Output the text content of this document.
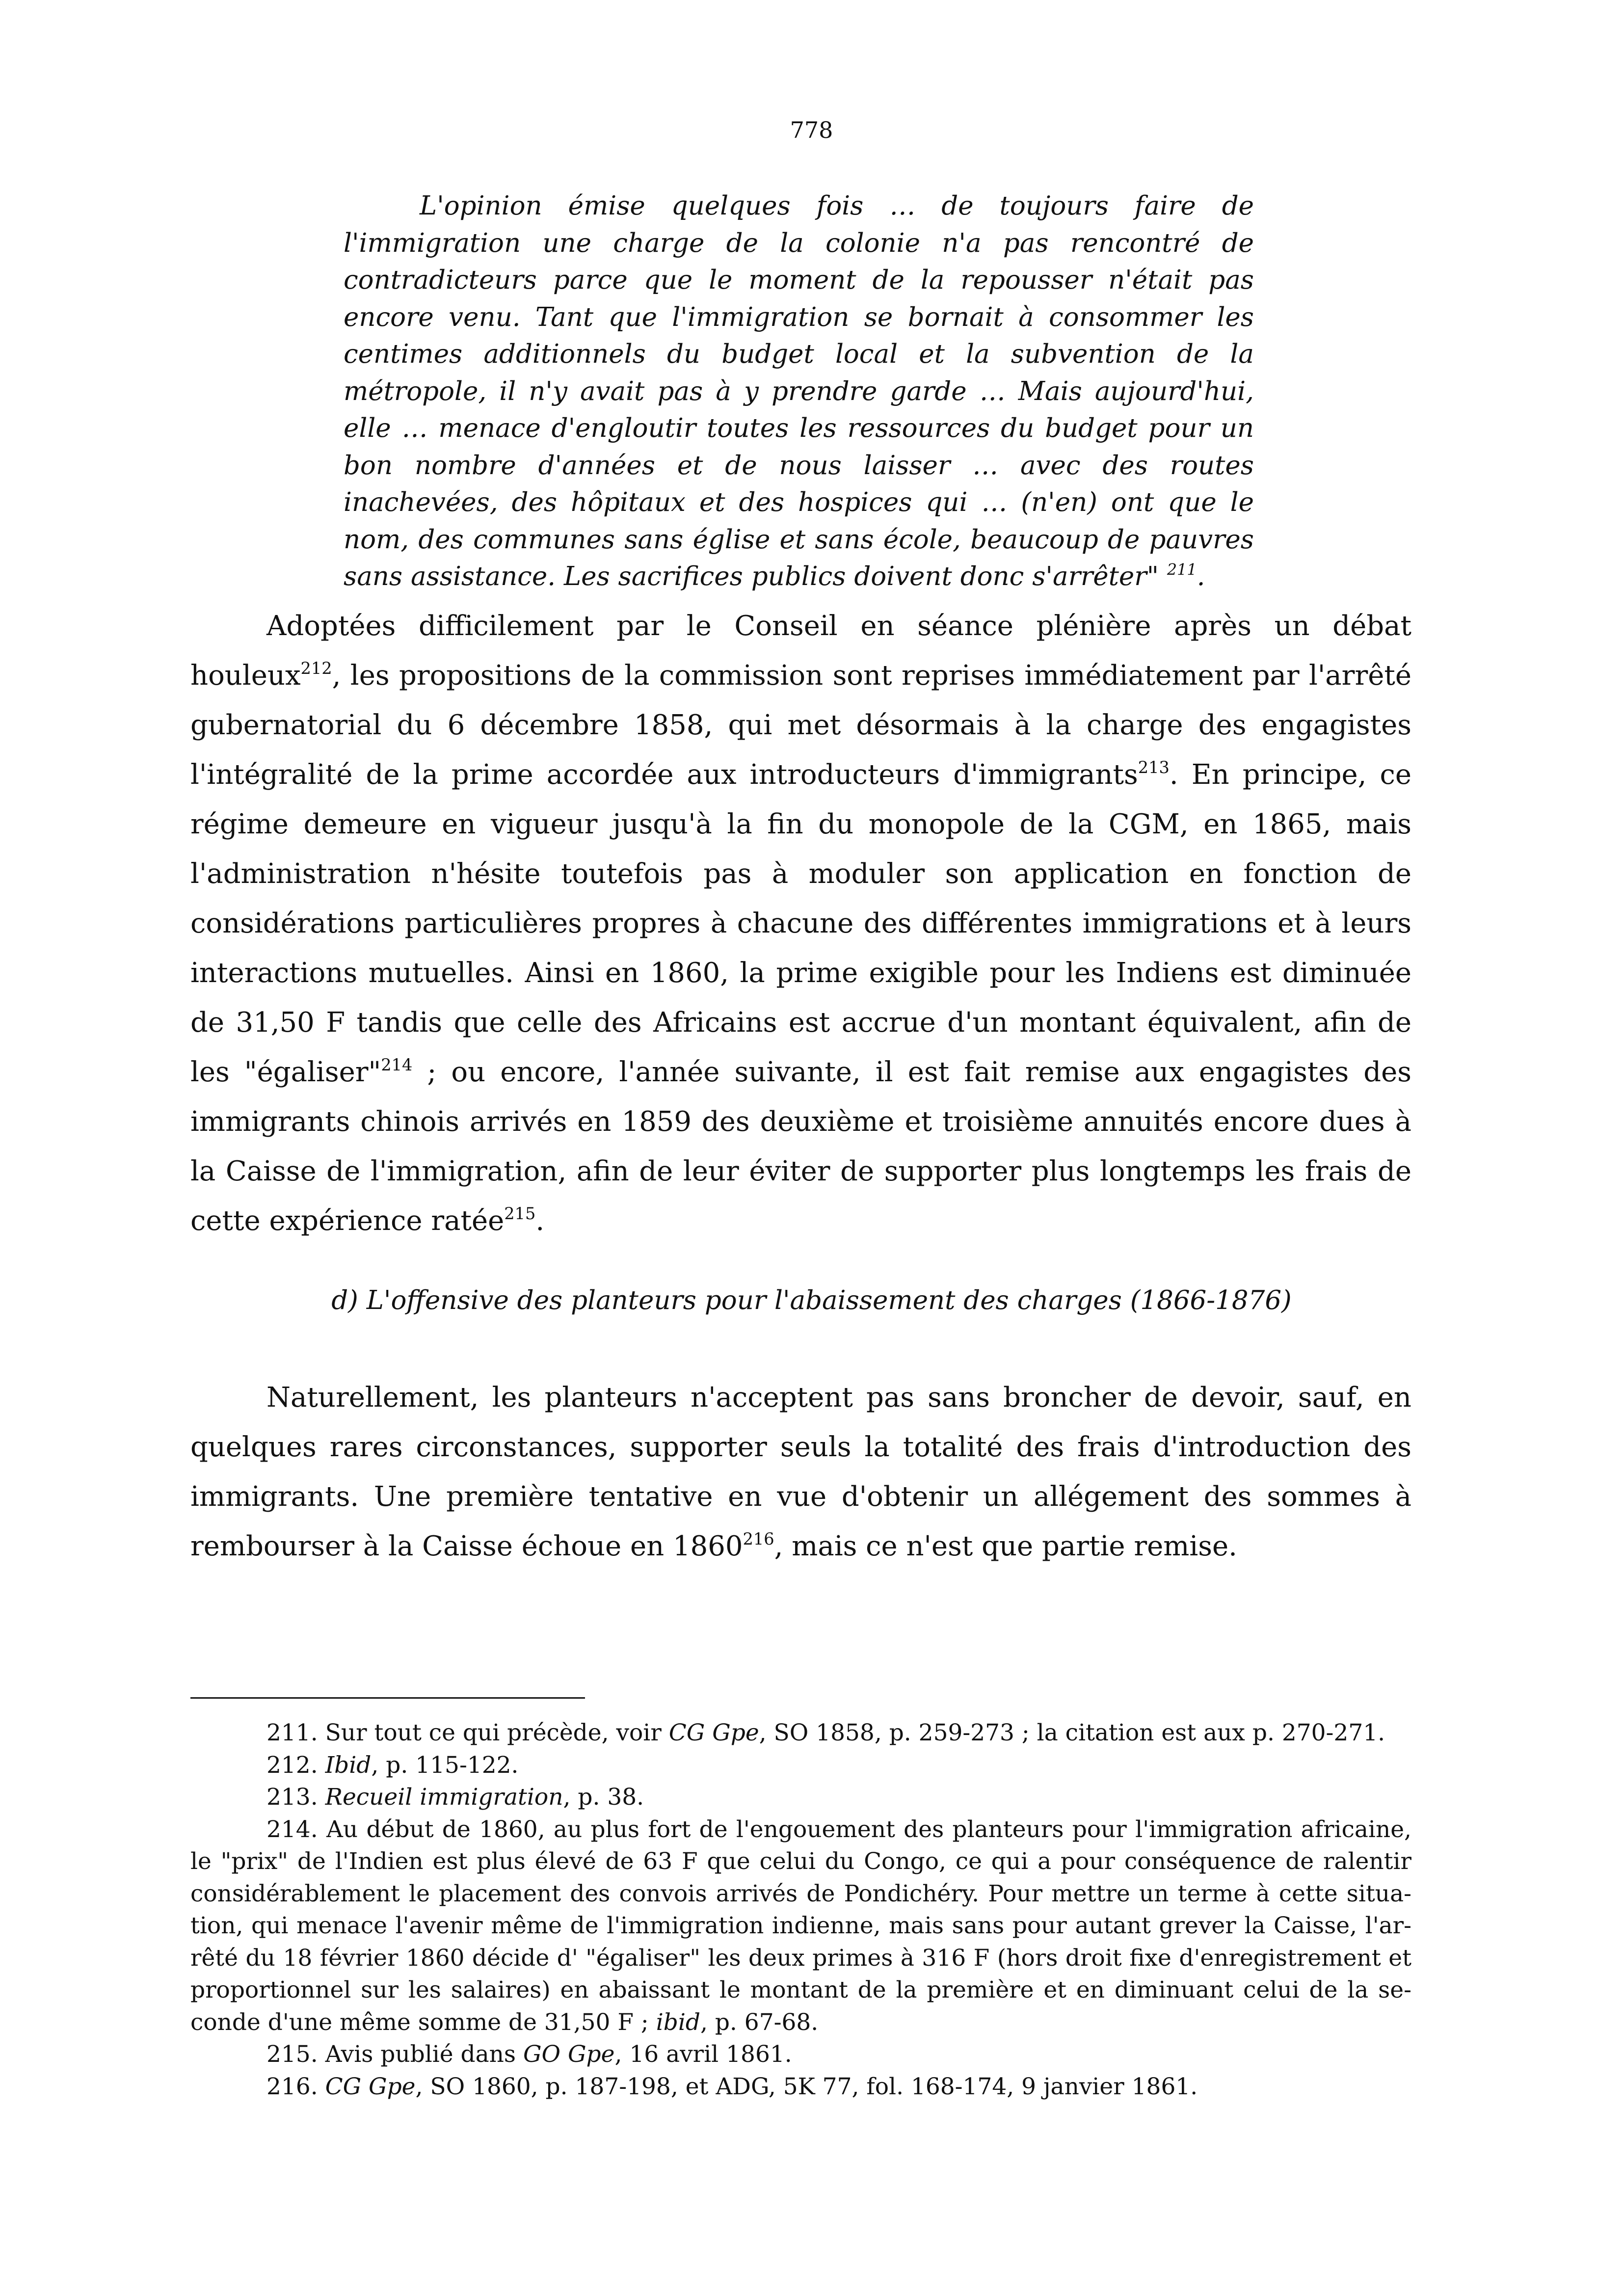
778
L'opinion émise quelques fois … de toujours faire de l'immigration une charge de la colonie n'a pas rencontré de contradicteurs parce que le moment de la repousser n'était pas encore venu. Tant que l'immigration se bornait à consommer les centimes additionnels du budget local et la subvention de la métropole, il n'y avait pas à y prendre garde … Mais aujourd'hui, elle … menace d'engloutir toutes les ressources du budget pour un bon nombre d'années et de nous laisser … avec des routes inachevées, des hôpitaux et des hospices qui … (n'en) ont que le nom, des communes sans église et sans école, beaucoup de pauvres sans assistance. Les sacrifices publics doivent donc s'arrêter" $^{211}$.
Adoptées difficilement par le Conseil en séance plénière après un débat houleux$^{212}$, les propositions de la commission sont reprises immédiatement par l'arrêté gubernatorial du 6 décembre 1858, qui met désormais à la charge des engagistes l'intégralité de la prime accordée aux introducteurs d'immigrants$^{213}$. En principe, ce régime demeure en vigueur jusqu'à la fin du monopole de la CGM, en 1865, mais l'administration n'hésite toutefois pas à moduler son application en fonction de considérations particulières propres à chacune des différentes immigrations et à leurs interactions mutuelles. Ainsi en 1860, la prime exigible pour les Indiens est diminuée de 31,50 F tandis que celle des Africains est accrue d'un montant équivalent, afin de les "égaliser"$^{214}$ ; ou encore, l'année suivante, il est fait remise aux engagistes des immigrants chinois arrivés en 1859 des deuxième et troisième annuités encore dues à la Caisse de l'immigration, afin de leur éviter de supporter plus longtemps les frais de cette expérience ratée$^{215}$.
d) L'offensive des planteurs pour l'abaissement des charges (1866-1876)
Naturellement, les planteurs n'acceptent pas sans broncher de devoir, sauf, en quelques rares circonstances, supporter seuls la totalité des frais d'introduction des immigrants. Une première tentative en vue d'obtenir un allégement des sommes à rembourser à la Caisse échoue en 1860$^{216}$, mais ce n'est que partie remise.

211. Sur tout ce qui précède, voir CG Gpe, SO 1858, p. 259-273 ; la citation est aux p. 270-271.

212. Ibid, p. 115-122.

213. Recueil immigration, p. 38.

214. Au début de 1860, au plus fort de l'engouement des planteurs pour l'immigration africaine, le "prix" de l'Indien est plus élevé de 63 F que celui du Congo, ce qui a pour conséquence de ralentir considérablement le placement des convois arrivés de Pondichéry. Pour mettre un terme à cette situation, qui menace l'avenir même de l'immigration indienne, mais sans pour autant grever la Caisse, l'arrêté du 18 février 1860 décide d' "égaliser" les deux primes à 316 F (hors droit fixe d'enregistrement et proportionnel sur les salaires) en abaissant le montant de la première et en diminuant celui de la seconde d'une même somme de 31,50 F ; ibid, p. 67-68.

215. Avis publié dans GO Gpe, 16 avril 1861.

216. CG Gpe, SO 1860, p. 187-198, et ADG, 5K 77, fol. 168-174, 9 janvier 1861.
